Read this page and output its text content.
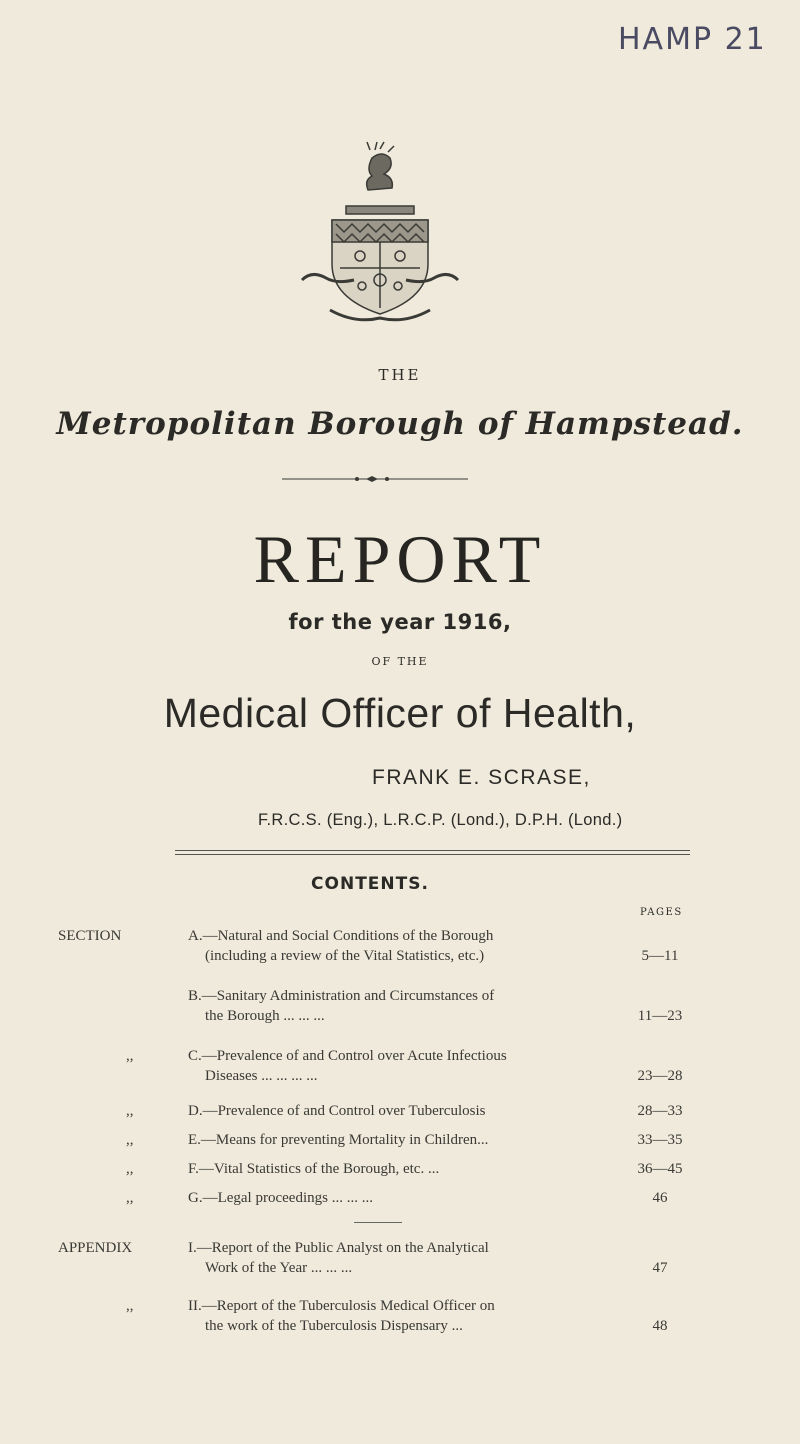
HAMP 21
THE
Metropolitan Borough of Hampstead.
REPORT
for the year 1916,
OF THE
Medical Officer of Health,
FRANK E. SCRASE,
F.R.C.S. (Eng.), L.R.C.P. (Lond.), D.P.H. (Lond.)
CONTENTS.
PAGES
SECTION	A.—Natural and Social Conditions of the Borough
(including a review of the Vital Statistics, etc.)	5—11
B.—Sanitary Administration and Circumstances of
the Borough ... ... ...	11—23
,,	C.—Prevalence of and Control over Acute Infectious
Diseases ... ... ... ...	23—28
,,	D.—Prevalence of and Control over Tuberculosis	28—33
,,	E.—Means for preventing Mortality in Children...	33—35
,,	F.—Vital Statistics of the Borough, etc. ...	36—45
,,	G.—Legal proceedings ... ... ...	46
APPENDIX	I.—Report of the Public Analyst on the Analytical
Work of the Year ... ... ...	47
,,	II.—Report of the Tuberculosis Medical Officer on
the work of the Tuberculosis Dispensary ...	48
